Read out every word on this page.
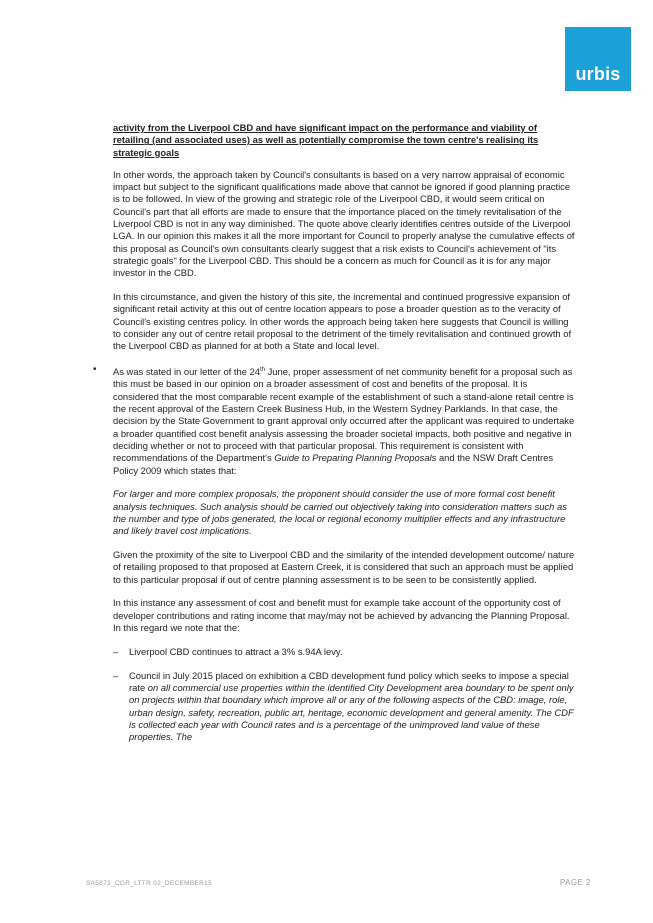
urbis

activity from the Liverpool CBD and have significant impact on the performance and viability of retailing (and associated uses) as well as potentially compromise the town centre's realising its strategic goals

In other words, the approach taken by Council's consultants is based on a very narrow appraisal of economic impact but subject to the significant qualifications made above that cannot be ignored if good planning practice is to be followed. In view of the growing and strategic role of the Liverpool CBD, it would seem critical on Council's part that all efforts are made to ensure that the importance placed on the timely revitalisation of the Liverpool CBD is not in any way diminished. The quote above clearly identifies centres outside of the Liverpool LGA. In our opinion this makes it all the more important for Council to properly analyse the cumulative effects of this proposal as Council's own consultants clearly suggest that a risk exists to Council's achievement of "its strategic goals" for the Liverpool CBD. This should be a concern as much for Council as it is for any major investor in the CBD.

In this circumstance, and given the history of this site, the incremental and continued progressive expansion of significant retail activity at this out of centre location appears to pose a broader question as to the veracity of Council's existing centres policy. In other words the approach being taken here suggests that Council is willing to consider any out of centre retail proposal to the detriment of the timely revitalisation and continued growth of the Liverpool CBD as planned for at both a State and local level.

• As was stated in our letter of the 24th June, proper assessment of net community benefit for a proposal such as this must be based in our opinion on a broader assessment of cost and benefits of the proposal. It is considered that the most comparable recent example of the establishment of such a stand-alone retail centre is the recent approval of the Eastern Creek Business Hub, in the Western Sydney Parklands. In that case, the decision by the State Government to grant approval only occurred after the applicant was required to undertake a broader quantified cost benefit analysis assessing the broader societal impacts, both positive and negative in deciding whether or not to proceed with that particular proposal. This requirement is consistent with recommendations of the Department's Guide to Preparing Planning Proposals and the NSW Draft Centres Policy 2009 which states that:

For larger and more complex proposals, the proponent should consider the use of more formal cost benefit analysis techniques. Such analysis should be carried out objectively taking into consideration matters such as the number and type of jobs generated, the local or regional economy multiplier effects and any infrastructure and likely travel cost implications.

Given the proximity of the site to Liverpool CBD and the similarity of the intended development outcome/ nature of retailing proposed to that proposed at Eastern Creek, it is considered that such an approach must be applied to this particular proposal if out of centre planning assessment is to be seen to be consistently applied.

In this instance any assessment of cost and benefit must for example take account of the opportunity cost of developer contributions and rating income that may/may not be achieved by advancing the Planning Proposal. In this regard we note that the:

– Liverpool CBD continues to attract a 3% s.94A levy.

– Council in July 2015 placed on exhibition a CBD development fund policy which seeks to impose a special rate on all commercial use properties within the identified City Development area boundary to be spent only on projects within that boundary which improve all or any of the following aspects of the CBD: image, role, urban design, safety, recreation, public art, heritage, economic development and general amenity. The CDF is collected each year with Council rates and is a percentage of the unimproved land value of these properties. The

SA5873_CGR_LTTR 02_DECEMBER15	PAGE 2
